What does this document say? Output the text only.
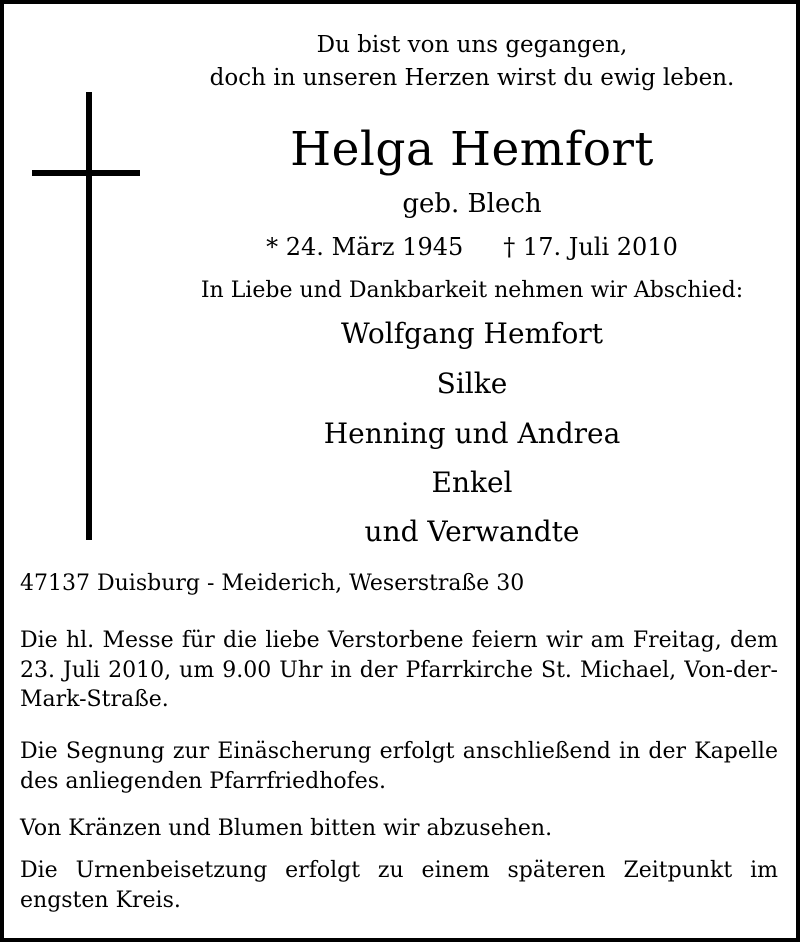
Du bist von uns gegangen,
doch in unseren Herzen wirst du ewig leben.
Helga Hemfort
geb. Blech
* 24. März 1945 † 17. Juli 2010
In Liebe und Dankbarkeit nehmen wir Abschied:
Wolfgang Hemfort
Silke
Henning und Andrea
Enkel
und Verwandte
47137 Duisburg - Meiderich, Weserstraße 30
Die hl. Messe für die liebe Verstorbene feiern wir am Freitag, dem 23. Juli 2010, um 9.00 Uhr in der Pfarrkirche St. Michael, Von-der-Mark-Straße.
Die Segnung zur Einäscherung erfolgt anschließend in der Kapelle des anliegenden Pfarrfriedhofes.
Von Kränzen und Blumen bitten wir abzusehen.
Die Urnenbeisetzung erfolgt zu einem späteren Zeitpunkt im engsten Kreis.
